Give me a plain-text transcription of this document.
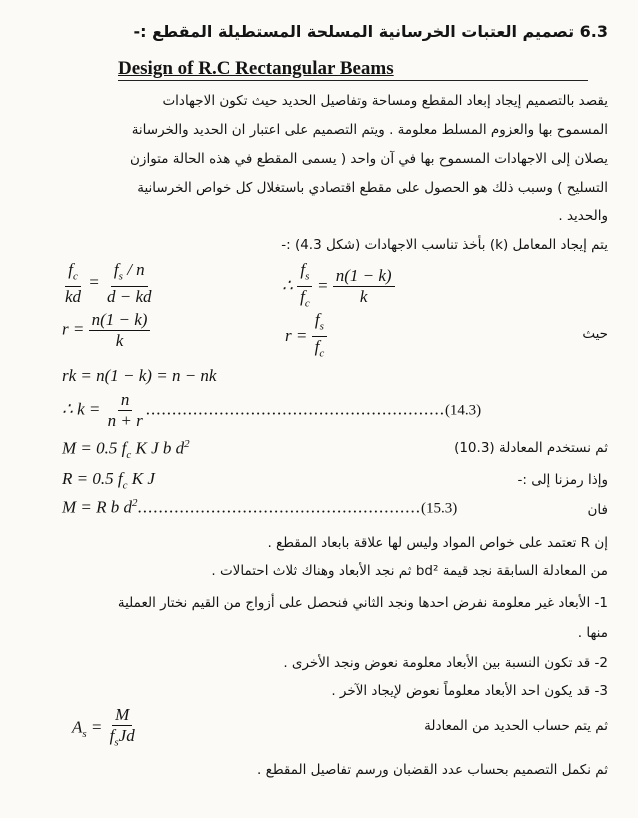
6.3 تصميم العتبات الخرسانية المسلحة المستطيلة المقطع :-
Design of R.C Rectangular Beams
يقصد بالتصميم إيجاد إبعاد المقطع ومساحة وتفاصيل الحديد حيث تكون الاجهادات
المسموح بها والعزوم المسلط معلومة . ويتم التصميم على اعتبار ان الحديد والخرسانة
يصلان إلى الاجهادات المسموح بها في آن واحد ( يسمى المقطع في هذه الحالة متوازن
التسليح ) وسبب ذلك هو الحصول على مقطع اقتصادي باستغلال كل خواص الخرسانية
والحديد .
يتم إيجاد المعامل (k) بأخذ تناسب الاجهادات (شكل 4.3) :-
$\frac{f_c}{kd} = \frac{f_s / n}{d - kd}$	∴ $\frac{f_s}{f_c} = \frac{n(1 - k)}{k}$
$r = \frac{n(1 - k)}{k}$	$r = \frac{f_s}{f_c}$	حيث
rk = n(1 − k) = n − nk
∴ $k = \frac{n}{n + r} .........................................................(14.3)$
M = 0.5 $f_c$ K J b $d^2$	ثم نستخدم المعادلة (10.3)
R = 0.5 $f_c$ K J	وإذا رمزنا إلى :-
M = R b $d^2......................................................(15.3)$	فان
إن R تعتمد على خواص المواد وليس لها علاقة بابعاد المقطع .
من المعادلة السابقة نجد قيمة bd² ثم نجد الأبعاد وهناك ثلاث احتمالات .
1- الأبعاد غير معلومة نفرض احدها ونجد الثاني فنحصل على أزواج من القيم نختار العملية
منها .
2- قد تكون النسبة بين الأبعاد معلومة نعوض ونجد الأخرى .
3- قد يكون احد الأبعاد معلوماً نعوض لإيجاد الآخر .
$A_s = \frac{M}{f_sJd}$	ثم يتم حساب الحديد من المعادلة
ثم نكمل التصميم بحساب عدد القضبان ورسم تفاصيل المقطع .
